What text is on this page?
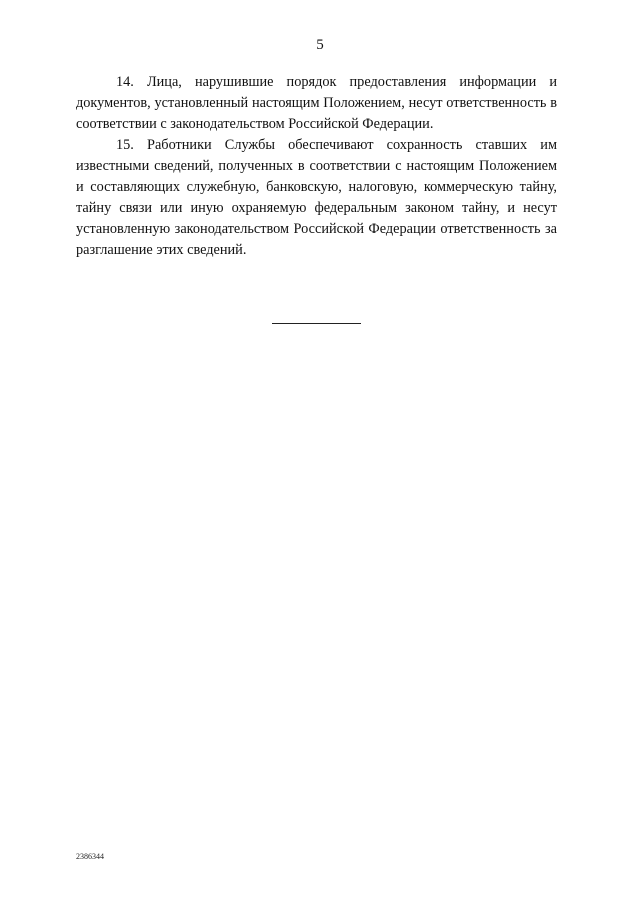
5

14. Лица, нарушившие порядок предоставления информации и документов, установленный настоящим Положением, несут ответственность в соответствии с законодательством Российской Федерации.

15. Работники Службы обеспечивают сохранность ставших им известными сведений, полученных в соответствии с настоящим Положением и составляющих служебную, банковскую, налоговую, коммерческую тайну, тайну связи или иную охраняемую федеральным законом тайну, и несут установленную законодательством Российской Федерации ответственность за разглашение этих сведений.

2386344
